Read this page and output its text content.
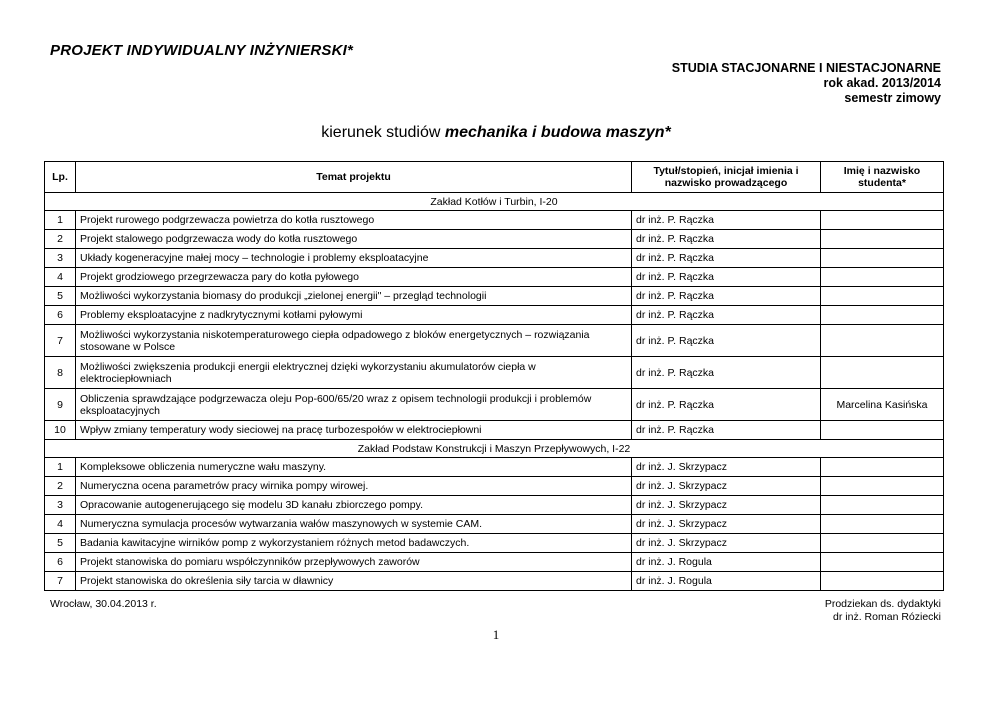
PROJEKT INDYWIDUALNY INŻYNIERSKI*
STUDIA STACJONARNE I NIESTACJONARNE
rok akad. 2013/2014
semestr zimowy
kierunek studiów mechanika i budowa maszyn*
Lp.	Temat projektu	Tytuł/stopień, inicjał imienia i nazwisko prowadzącego	Imię i nazwisko studenta*
Zakład Kotłów i Turbin, I-20			
1	Projekt rurowego podgrzewacza powietrza do kotła rusztowego	dr inż. P. Rączka	
2	Projekt stalowego podgrzewacza wody do kotła rusztowego	dr inż. P. Rączka	
3	Układy kogeneracyjne małej mocy – technologie i problemy eksploatacyjne	dr inż. P. Rączka	
4	Projekt grodziowego przegrzewacza pary do kotła pyłowego	dr inż. P. Rączka	
5	Możliwości wykorzystania biomasy do produkcji „zielonej energii" – przegląd technologii	dr inż. P. Rączka	
6	Problemy eksploatacyjne z nadkrytycznymi kotłami pyłowymi	dr inż. P. Rączka	
7	Możliwości wykorzystania niskotemperaturowego ciepła odpadowego z bloków energetycznych – rozwiązania stosowane w Polsce	dr inż. P. Rączka	
8	Możliwości zwiększenia produkcji energii elektrycznej dzięki wykorzystaniu akumulatorów ciepła w elektrociepłowniach	dr inż. P. Rączka	
9	Obliczenia sprawdzające podgrzewacza oleju Pop-600/65/20 wraz z opisem technologii produkcji i problemów eksploatacyjnych	dr inż. P. Rączka	Marcelina Kasińska
10	Wpływ zmiany temperatury wody sieciowej na pracę turbozespołów w elektrociepłowni	dr inż. P. Rączka	
Zakład Podstaw Konstrukcji i Maszyn Przepływowych, I-22			
1	Kompleksowe obliczenia numeryczne wału maszyny.	dr inż. J. Skrzypacz	
2	Numeryczna ocena parametrów pracy wirnika pompy wirowej.	dr inż. J. Skrzypacz	
3	Opracowanie autogenerującego się modelu 3D kanału zbiorczego pompy.	dr inż. J. Skrzypacz	
4	Numeryczna symulacja procesów wytwarzania wałów maszynowych w systemie CAM.	dr inż. J. Skrzypacz	
5	Badania kawitacyjne wirników pomp z wykorzystaniem różnych metod badawczych.	dr inż. J. Skrzypacz	
6	Projekt stanowiska do pomiaru współczynników przepływowych zaworów	dr inż. J. Rogula	
7	Projekt stanowiska do określenia siły tarcia w dławnicy	dr inż. J. Rogula	
Wrocław, 30.04.2013 r.	Prodziekan ds. dydaktyki
dr inż. Roman Róziecki
1
